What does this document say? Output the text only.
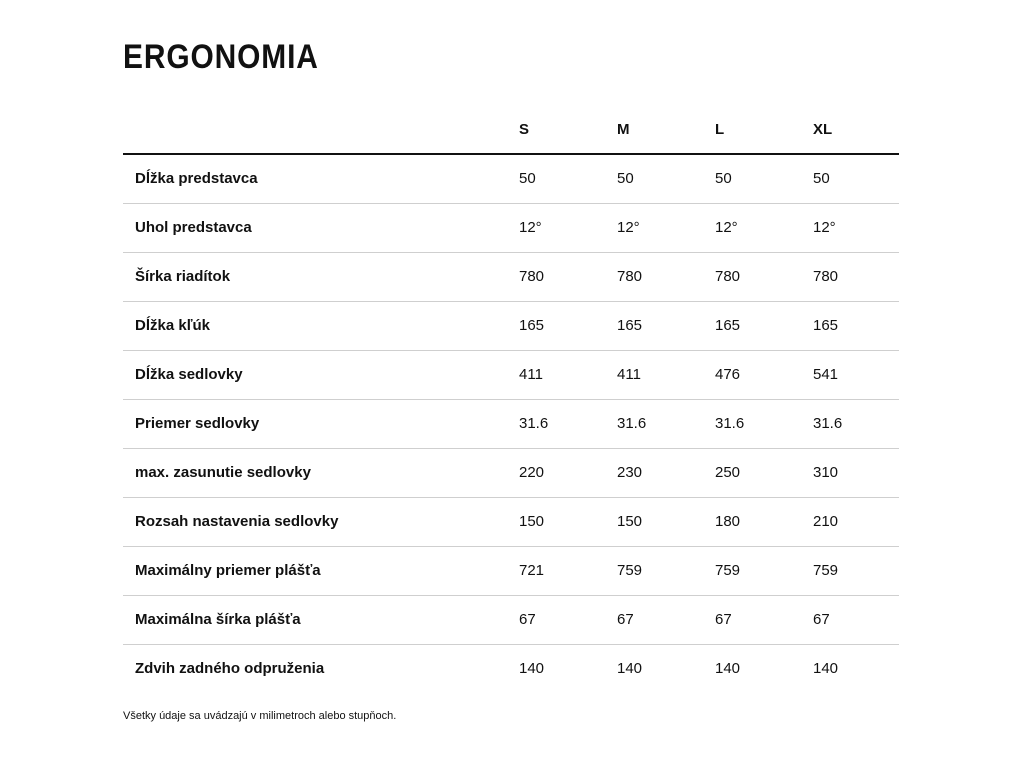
ERGONOMIA
	S	M	L	XL
Dĺžka predstavca	50	50	50	50
Uhol predstavca	12°	12°	12°	12°
Šírka riadítok	780	780	780	780
Dĺžka kľúk	165	165	165	165
Dĺžka sedlovky	411	411	476	541
Priemer sedlovky	31.6	31.6	31.6	31.6
max. zasunutie sedlovky	220	230	250	310
Rozsah nastavenia sedlovky	150	150	180	210
Maximálny priemer plášťa	721	759	759	759
Maximálna šírka plášťa	67	67	67	67
Zdvih zadného odpruženia	140	140	140	140

Všetky údaje sa uvádzajú v milimetroch alebo stupňoch.
